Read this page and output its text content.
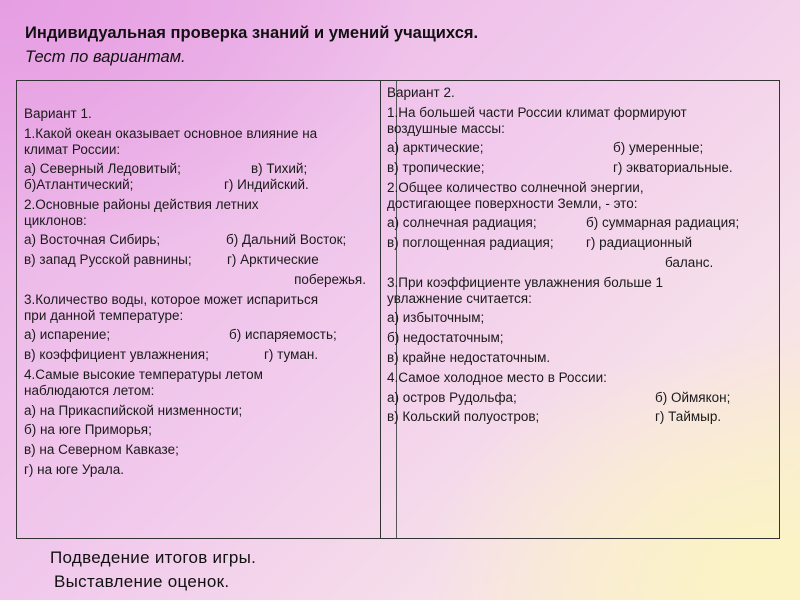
Индивидуальная проверка знаний и умений учащихся.
Тест по вариантам.
Вариант 1.
1.Какой океан оказывает основное влияние на
климат России:
а) Северный Ледовитый;	в) Тихий;
б)Атлантический;	г) Индийский.
2.Основные районы действия летних
циклонов:
а) Восточная Сибирь;	б) Дальний Восток;
в) запад Русской равнины;	г) Арктические
побережья.
3.Количество воды, которое может испариться
при данной температуре:
а) испарение;	б) испаряемость;
в) коэффициент увлажнения;	г) туман.
4.Самые высокие температуры летом
наблюдаются летом:
а) на Прикаспийской низменности;
б) на юге Приморья;
в) на Северном Кавказе;
г) на юге Урала.
Вариант 2.
1.На большей части России климат формируют
воздушные массы:
а) арктические;	б) умеренные;
в) тропические;	г) экваториальные.
2.Общее количество солнечной энергии,
достигающее поверхности Земли, - это:
а) солнечная радиация;	б) суммарная радиация;
в) поглощенная радиация;	г) радиационный
баланс.
3.При коэффициенте увлажнения больше 1
увлажнение считается:
а) избыточным;
б) недостаточным;
в) крайне недостаточным.
4.Самое холодное место в России:
а) остров Рудольфа;	б) Оймякон;
в) Кольский полуостров;	г) Таймыр.
Подведение итогов игры.
Выставление оценок.
